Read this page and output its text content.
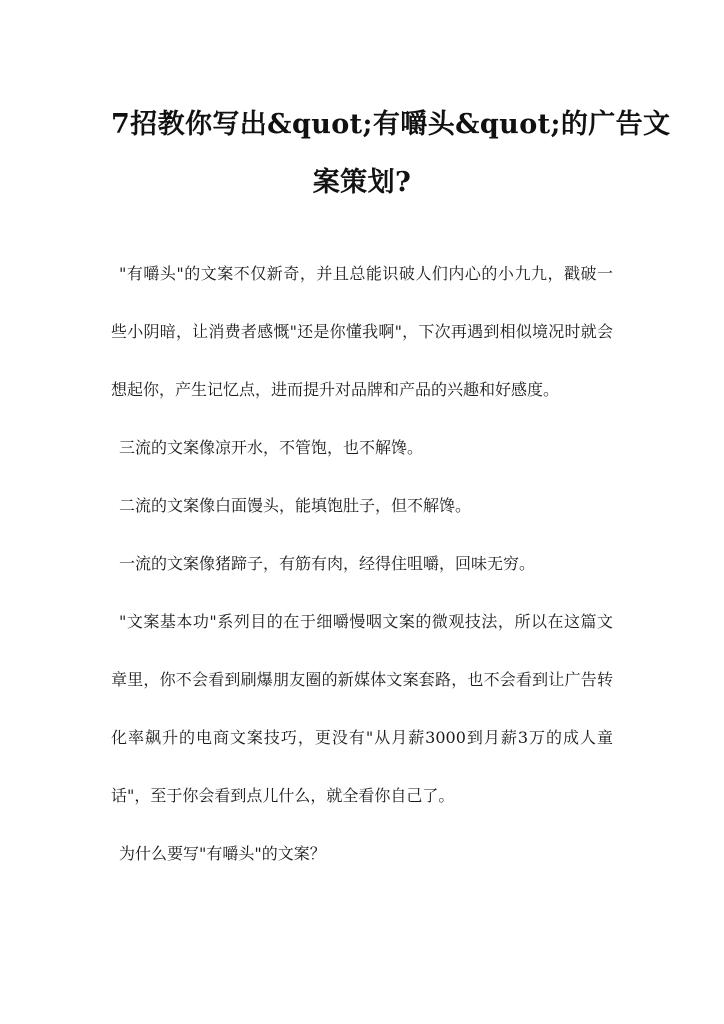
7招教你写出&quot;有嚼头&quot;的广告文
案策划?

"有嚼头"的文案不仅新奇，并且总能识破人们内心的小九九，戳破一些小阴暗，让消费者感慨"还是你懂我啊"，下次再遇到相似境况时就会想起你，产生记忆点，进而提升对品牌和产品的兴趣和好感度。

三流的文案像凉开水，不管饱，也不解馋。

二流的文案像白面馒头，能填饱肚子，但不解馋。

一流的文案像猪蹄子，有筋有肉，经得住咀嚼，回味无穷。

"文案基本功"系列目的在于细嚼慢咽文案的微观技法，所以在这篇文章里，你不会看到刷爆朋友圈的新媒体文案套路，也不会看到让广告转化率飙升的电商文案技巧，更没有"从月薪3000到月薪3万的成人童话"，至于你会看到点儿什么，就全看你自己了。

为什么要写"有嚼头"的文案？
